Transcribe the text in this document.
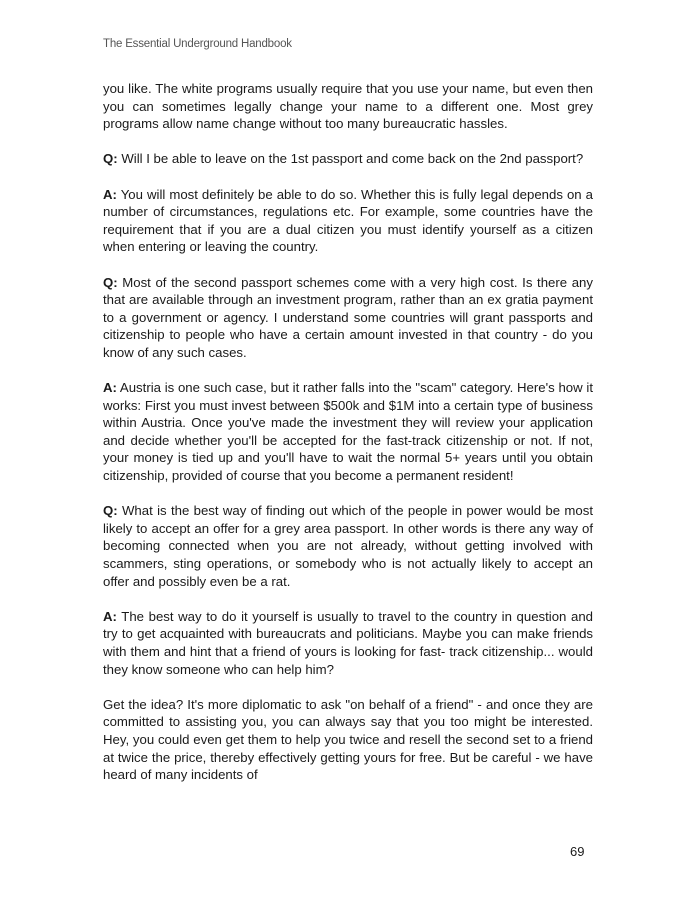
The Essential Underground Handbook

you like. The white programs usually require that you use your name, but even then you can sometimes legally change your name to a different one. Most grey programs allow name change without too many bureaucratic hassles.

Q: Will I be able to leave on the 1st passport and come back on the 2nd passport?

A: You will most definitely be able to do so. Whether this is fully legal depends on a number of circumstances, regulations etc. For example, some countries have the requirement that if you are a dual citizen you must identify yourself as a citizen when entering or leaving the country.

Q: Most of the second passport schemes come with a very high cost. Is there any that are available through an investment program, rather than an ex gratia payment to a government or agency. I understand some countries will grant passports and citizenship to people who have a certain amount invested in that country - do you know of any such cases.

A: Austria is one such case, but it rather falls into the "scam" category. Here's how it works: First you must invest between $500k and $1M into a certain type of business within Austria. Once you've made the investment they will review your application and decide whether you'll be accepted for the fast-track citizenship or not. If not, your money is tied up and you'll have to wait the normal 5+ years until you obtain citizenship, provided of course that you become a permanent resident!

Q: What is the best way of finding out which of the people in power would be most likely to accept an offer for a grey area passport. In other words is there any way of becoming connected when you are not already, without getting involved with scammers, sting operations, or somebody who is not actually likely to accept an offer and possibly even be a rat.

A: The best way to do it yourself is usually to travel to the country in question and try to get acquainted with bureaucrats and politicians. Maybe you can make friends with them and hint that a friend of yours is looking for fast- track citizenship... would they know someone who can help him?

Get the idea? It's more diplomatic to ask "on behalf of a friend" - and once they are committed to assisting you, you can always say that you too might be interested. Hey, you could even get them to help you twice and resell the second set to a friend at twice the price, thereby effectively getting yours for free. But be careful - we have heard of many incidents of

69
